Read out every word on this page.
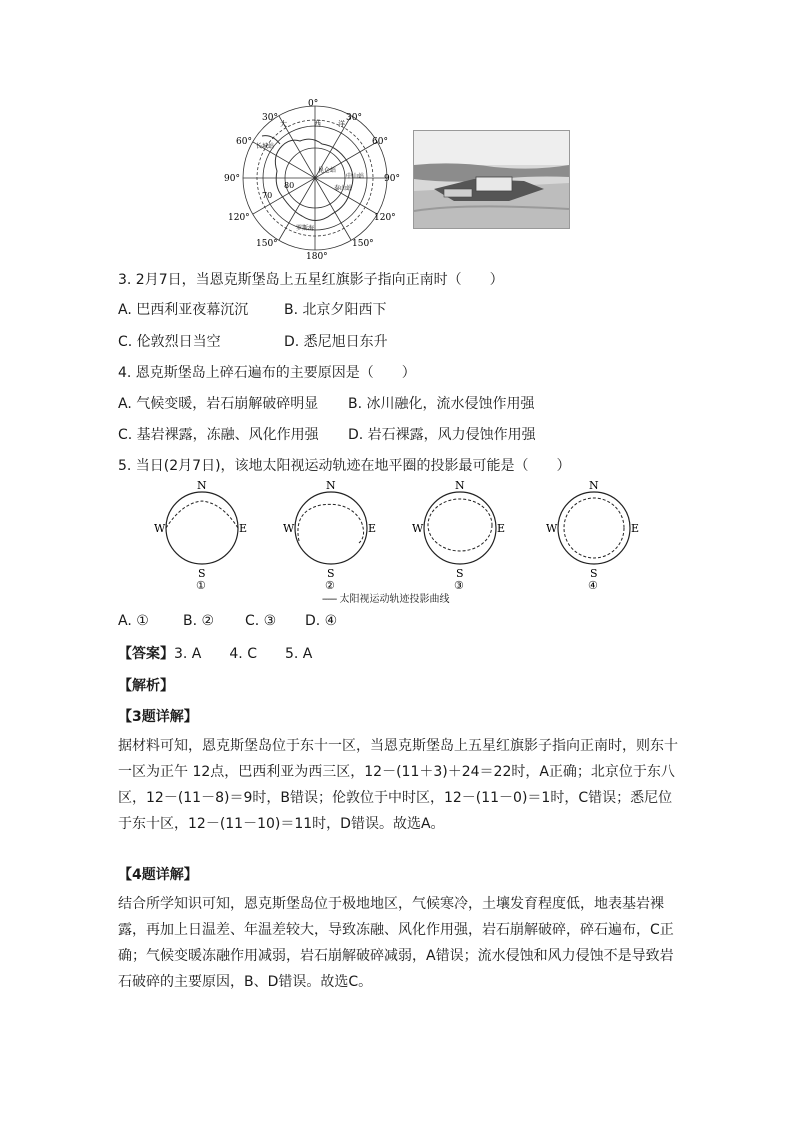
30°
0°
30°
60°
90°
120°
150°
60°
90°
120°
150°
180°
80
70
大	西 洋
中山站
长城站
泰山站
昆仑站
罗斯海
3. 2月7日，当恩克斯堡岛上五星红旗影子指向正南时（　　）
A. 巴西利亚夜幕沉沉	B. 北京夕阳西下
C. 伦敦烈日当空	D. 悉尼旭日东升
4. 恩克斯堡岛上碎石遍布的主要原因是（　　）
A. 气候变暖，岩石崩解破碎明显 B. 冰川融化，流水侵蚀作用强
C. 基岩裸露，冻融、风化作用强 D. 岩石裸露，风力侵蚀作用强
5. 当日(2月7日)，该地太阳视运动轨迹在地平圈的投影最可能是（　　）
N
S
W	E
①
N
S
W	E
②
N
S
W	E
③
N
S
W	E
④
------ 太阳视运动轨迹投影曲线
A. ① B. ② C. ③ D. ④
【答案】3. A　　4. C　　5. A
【解析】
【3题详解】
据材料可知，恩克斯堡岛位于东十一区，当恩克斯堡岛上五星红旗影子指向正南时，则东十一区为正午 12点，巴西利亚为西三区，12－(11＋3)＋24＝22时，A正确；北京位于东八区，12－(11－8)＝9时，B错误；伦敦位于中时区，12－(11－0)＝1时，C错误；悉尼位于东十区，12－(11－10)＝11时，D错误。故选A。
【4题详解】
结合所学知识可知，恩克斯堡岛位于极地地区，气候寒冷，土壤发育程度低，地表基岩裸露，再加上日温差、年温差较大，导致冻融、风化作用强，岩石崩解破碎，碎石遍布，C正确；气候变暖冻融作用减弱，岩石崩解破碎减弱，A错误；流水侵蚀和风力侵蚀不是导致岩石破碎的主要原因，B、D错误。故选C。
